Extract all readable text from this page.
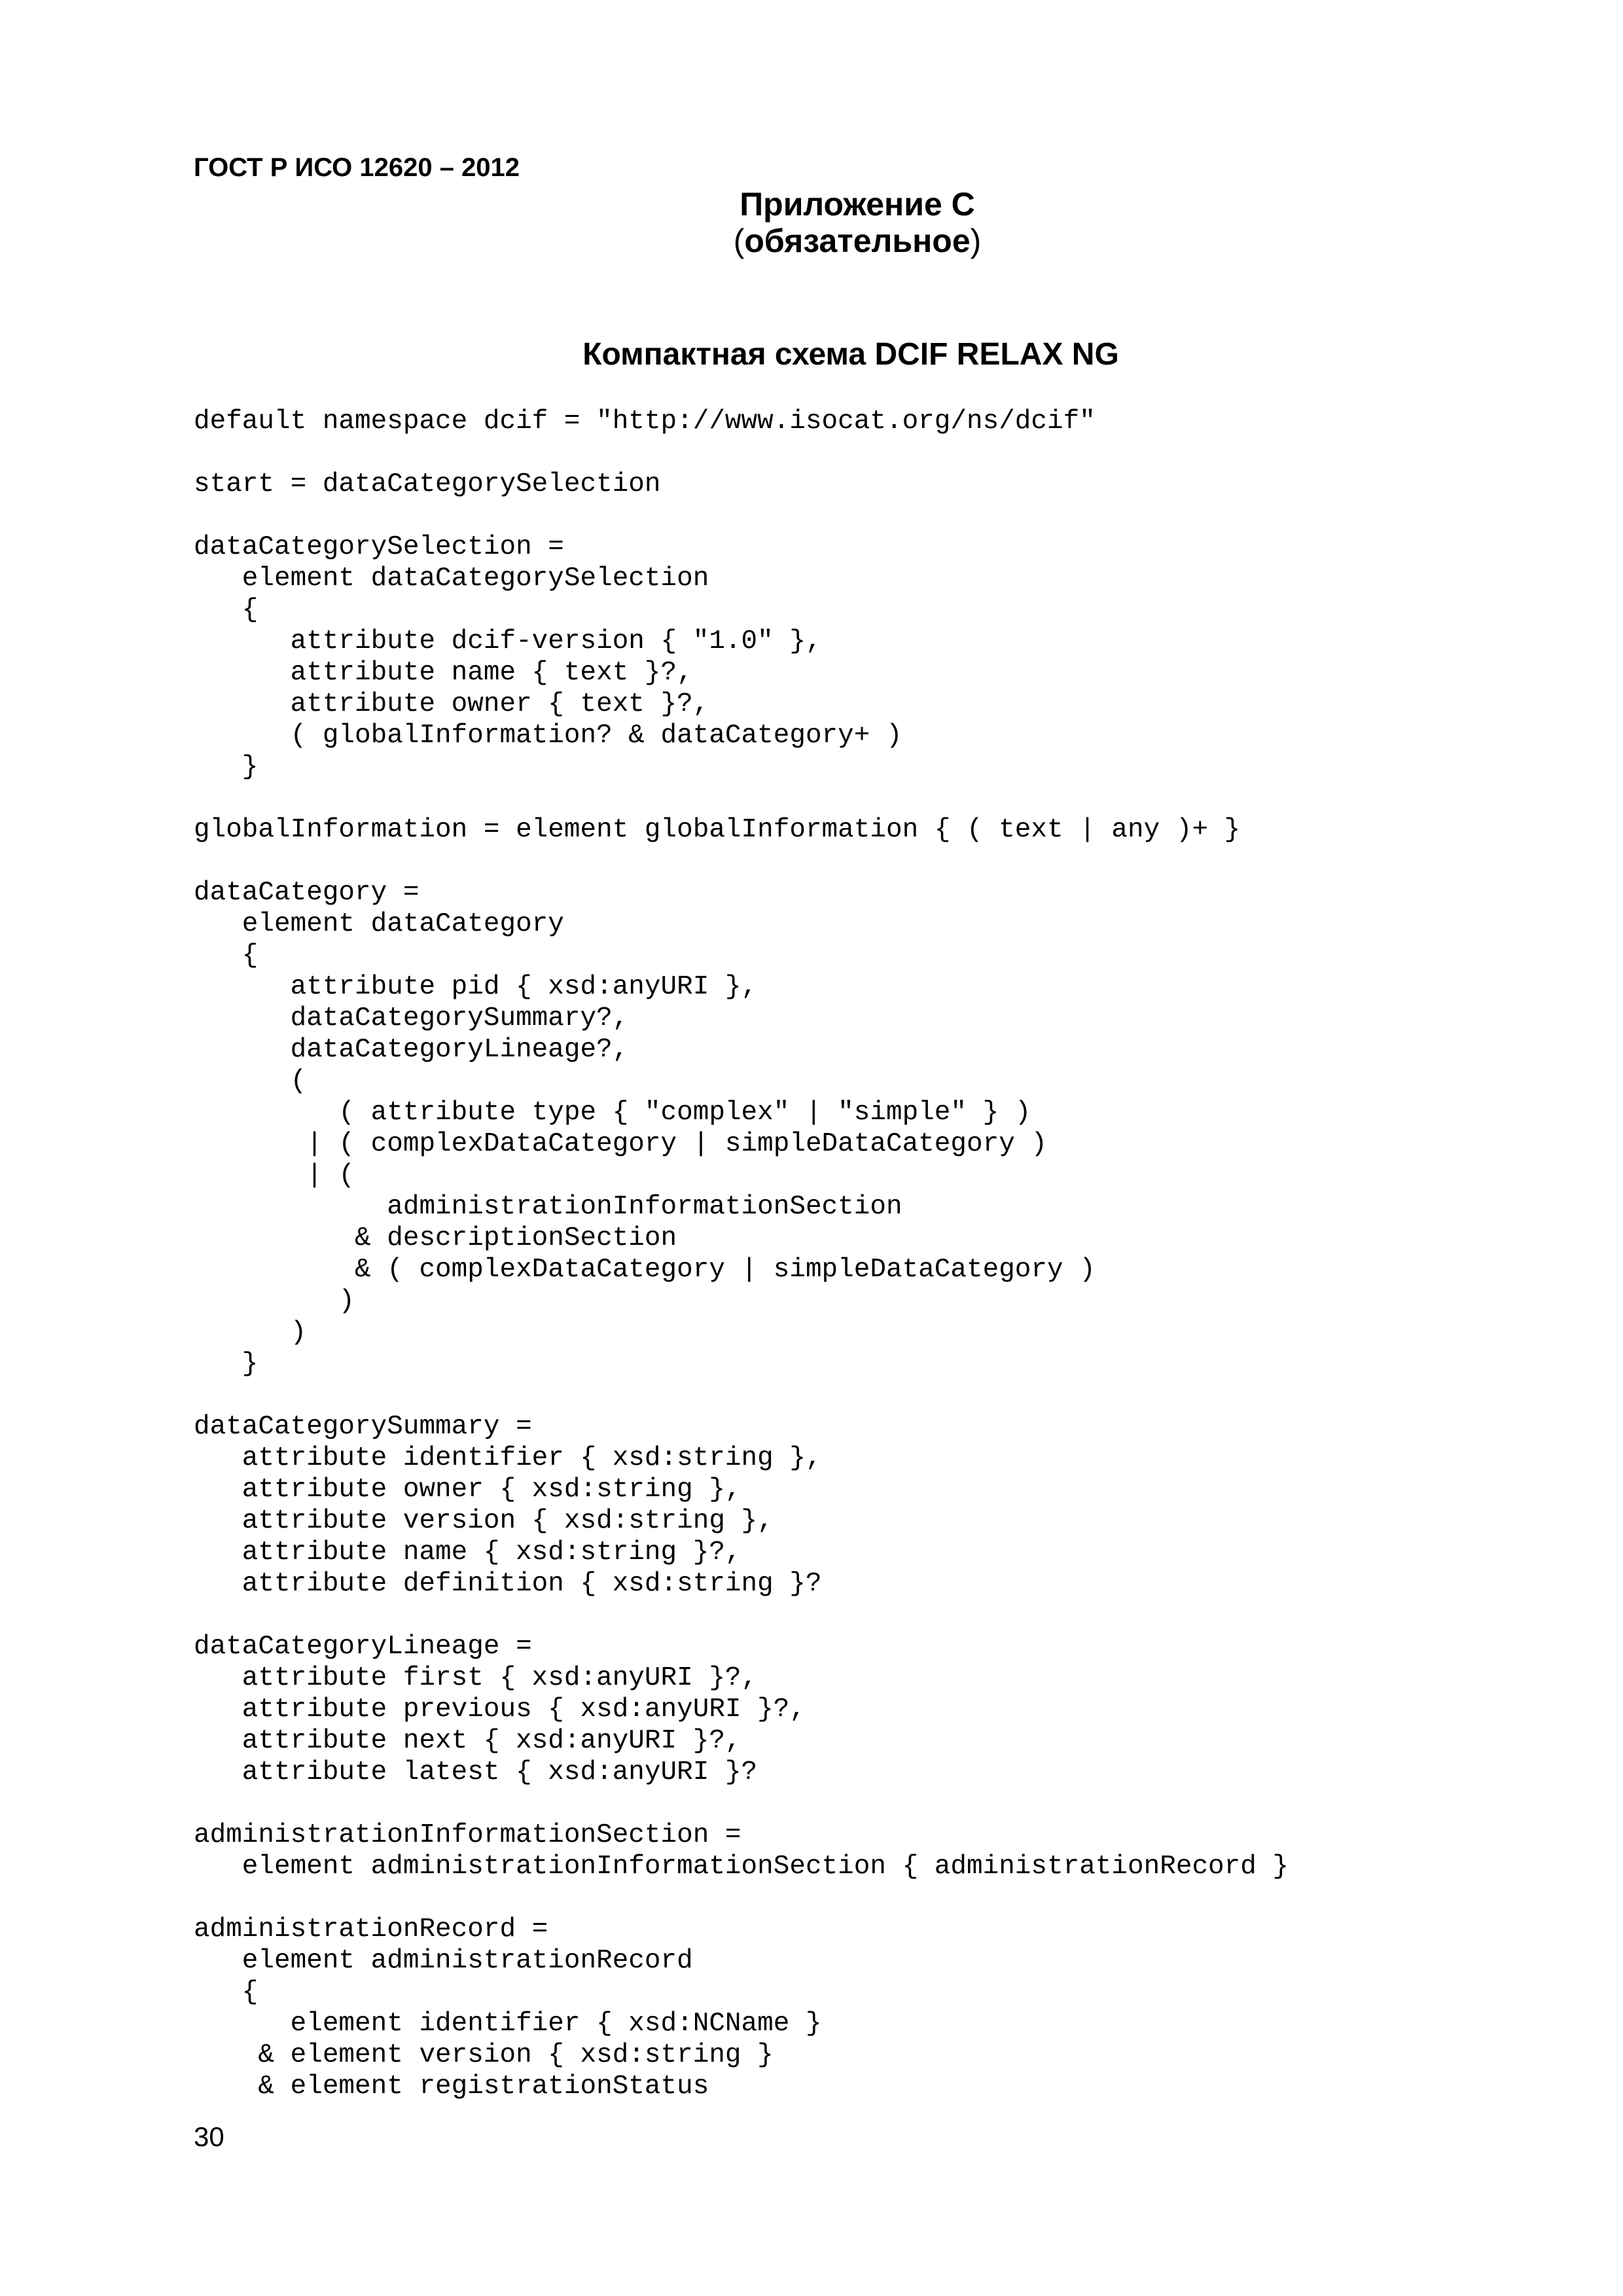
ГОСТ Р ИСО 12620 – 2012

Приложение С

(обязательное)

Компактная схема DCIF RELAX NG
default namespace dcif = "http://www.isocat.org/ns/dcif"
start = dataCategorySelection
dataCategorySelection =
element dataCategorySelection
{
attribute dcif-version { "1.0" },
attribute name { text }?,
attribute owner { text }?,
( globalInformation? & dataCategory+ )
}
globalInformation = element globalInformation { ( text | any )+ }
dataCategory =
element dataCategory
{
attribute pid { xsd:anyURI },
dataCategorySummary?,
dataCategoryLineage?,
(
( attribute type { "complex" | "simple" } )
| ( complexDataCategory | simpleDataCategory )
| (
administrationInformationSection
& descriptionSection
& ( complexDataCategory | simpleDataCategory )
)
)
}
dataCategorySummary =
attribute identifier { xsd:string },
attribute owner { xsd:string },
attribute version { xsd:string },
attribute name { xsd:string }?,
attribute definition { xsd:string }?
dataCategoryLineage =
attribute first { xsd:anyURI }?,
attribute previous { xsd:anyURI }?,
attribute next { xsd:anyURI }?,
attribute latest { xsd:anyURI }?
administrationInformationSection =
element administrationInformationSection { administrationRecord }
administrationRecord =
element administrationRecord
{
element identifier { xsd:NCName }
& element version { xsd:string }
& element registrationStatus

30
